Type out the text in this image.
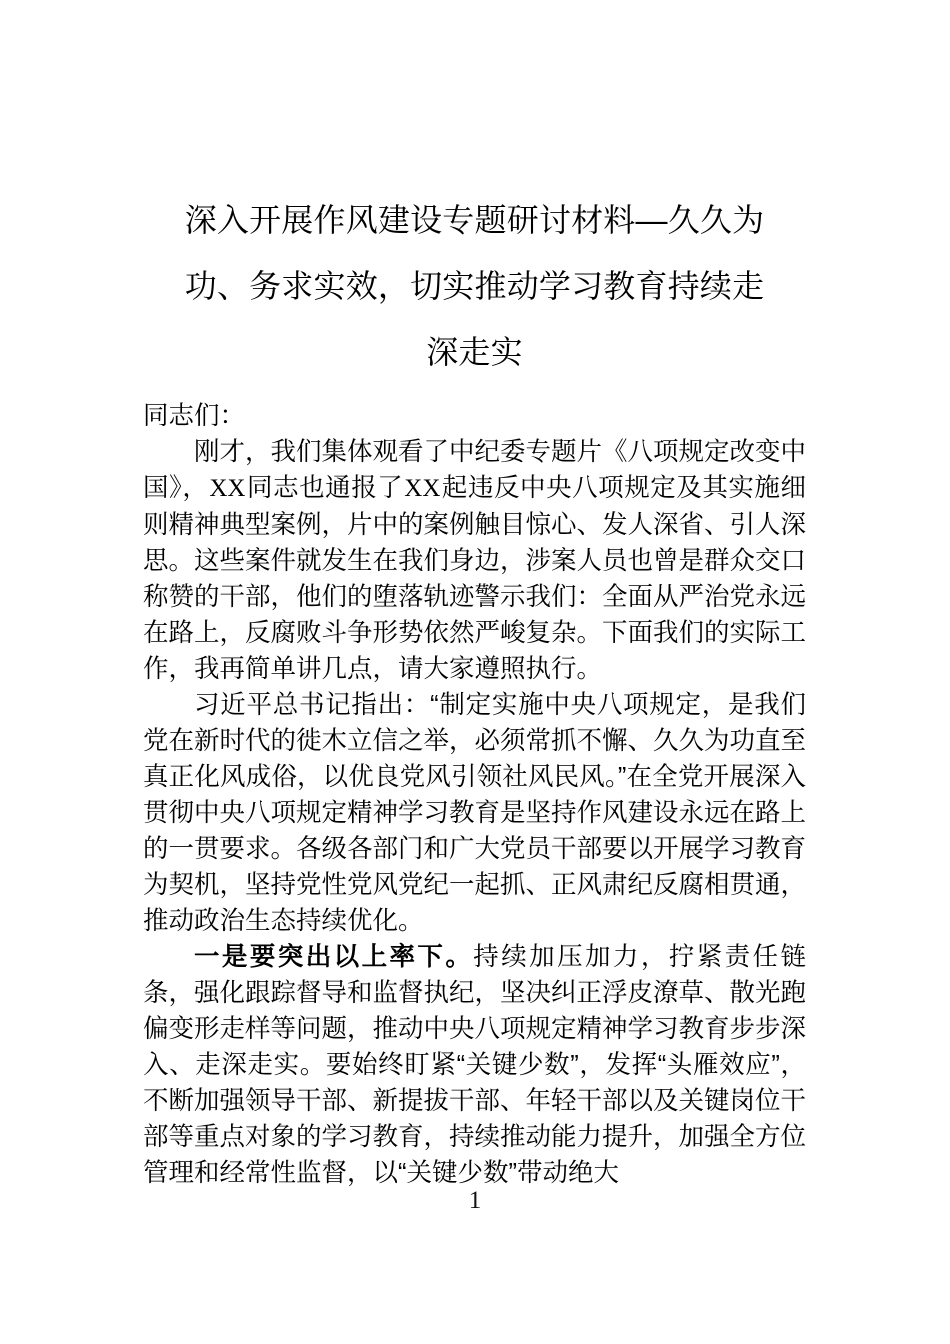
深入开展作风建设专题研讨材料—久久为
功、务求实效，切实推动学习教育持续走
深走实

同志们：

刚才，我们集体观看了中纪委专题片《八项规定改变中国》，XX同志也通报了XX起违反中央八项规定及其实施细则精神典型案例，片中的案例触目惊心、发人深省、引人深思。这些案件就发生在我们身边，涉案人员也曾是群众交口称赞的干部，他们的堕落轨迹警示我们：全面从严治党永远在路上，反腐败斗争形势依然严峻复杂。下面我们的实际工作，我再简单讲几点，请大家遵照执行。

习近平总书记指出：“制定实施中央八项规定，是我们党在新时代的徙木立信之举，必须常抓不懈、久久为功直至真正化风成俗，以优良党风引领社风民风。”在全党开展深入贯彻中央八项规定精神学习教育是坚持作风建设永远在路上的一贯要求。各级各部门和广大党员干部要以开展学习教育为契机，坚持党性党风党纪一起抓、正风肃纪反腐相贯通，推动政治生态持续优化。

一是要突出以上率下。持续加压加力，拧紧责任链条，强化跟踪督导和监督执纪，坚决纠正浮皮潦草、散光跑偏变形走样等问题，推动中央八项规定精神学习教育步步深入、走深走实。要始终盯紧“关键少数”，发挥“头雁效应”，不断加强领导干部、新提拔干部、年轻干部以及关键岗位干部等重点对象的学习教育，持续推动能力提升，加强全方位管理和经常性监督，以“关键少数”带动绝大

1
